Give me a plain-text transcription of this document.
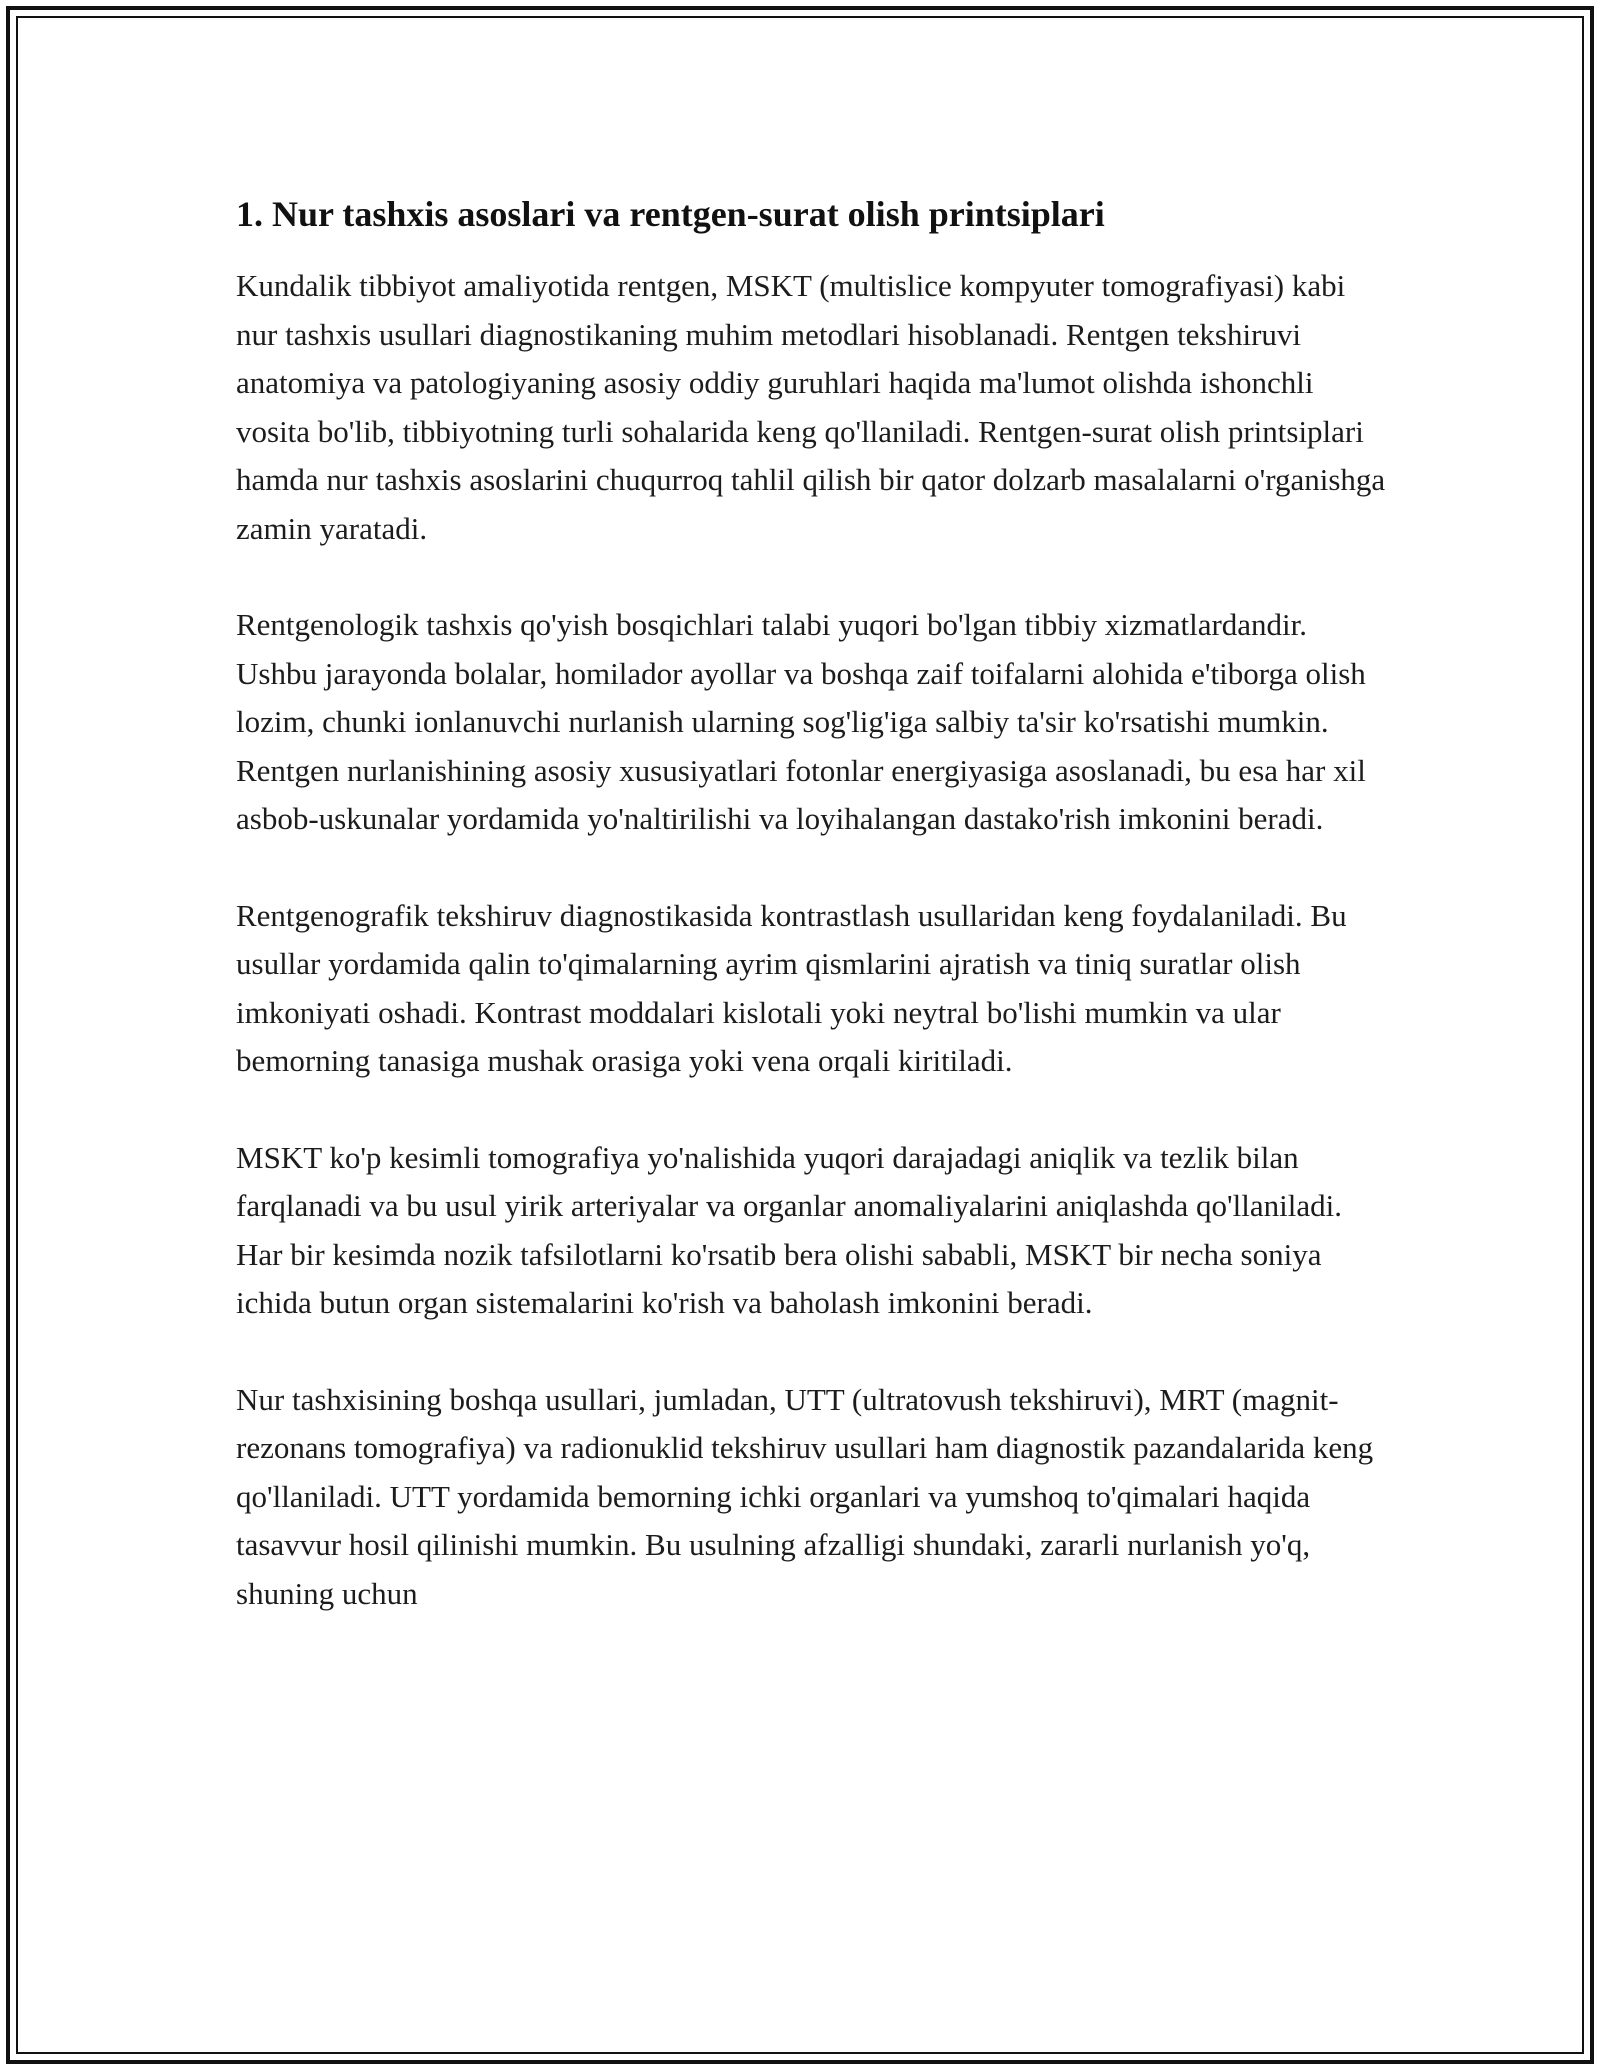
1. Nur tashxis asoslari va rentgen-surat olish printsiplari

Kundalik tibbiyot amaliyotida rentgen, MSKT (multislice kompyuter tomografiyasi) kabi nur tashxis usullari diagnostikaning muhim metodlari hisoblanadi. Rentgen tekshiruvi anatomiya va patologiyaning asosiy oddiy guruhlari haqida ma'lumot olishda ishonchli vosita bo'lib, tibbiyotning turli sohalarida keng qo'llaniladi. Rentgen-surat olish printsiplari hamda nur tashxis asoslarini chuqurroq tahlil qilish bir qator dolzarb masalalarni o'rganishga zamin yaratadi.

Rentgenologik tashxis qo'yish bosqichlari talabi yuqori bo'lgan tibbiy xizmatlardandir. Ushbu jarayonda bolalar, homilador ayollar va boshqa zaif toifalarni alohida e'tiborga olish lozim, chunki ionlanuvchi nurlanish ularning sog'lig'iga salbiy ta'sir ko'rsatishi mumkin. Rentgen nurlanishining asosiy xususiyatlari fotonlar energiyasiga asoslanadi, bu esa har xil asbob-uskunalar yordamida yo'naltirilishi va loyihalangan dastako'rish imkonini beradi.

Rentgenografik tekshiruv diagnostikasida kontrastlash usullaridan keng foydalaniladi. Bu usullar yordamida qalin to'qimalarning ayrim qismlarini ajratish va tiniq suratlar olish imkoniyati oshadi. Kontrast moddalari kislotali yoki neytral bo'lishi mumkin va ular bemorning tanasiga mushak orasiga yoki vena orqali kiritiladi.

MSKT ko'p kesimli tomografiya yo'nalishida yuqori darajadagi aniqlik va tezlik bilan farqlanadi va bu usul yirik arteriyalar va organlar anomaliyalarini aniqlashda qo'llaniladi. Har bir kesimda nozik tafsilotlarni ko'rsatib bera olishi sababli, MSKT bir necha soniya ichida butun organ sistemalarini ko'rish va baholash imkonini beradi.

Nur tashxisining boshqa usullari, jumladan, UTT (ultratovush tekshiruvi), MRT (magnit-rezonans tomografiya) va radionuklid tekshiruv usullari ham diagnostik pazandalarida keng qo'llaniladi. UTT yordamida bemorning ichki organlari va yumshoq to'qimalari haqida tasavvur hosil qilinishi mumkin. Bu usulning afzalligi shundaki, zararli nurlanish yo'q, shuning uchun
